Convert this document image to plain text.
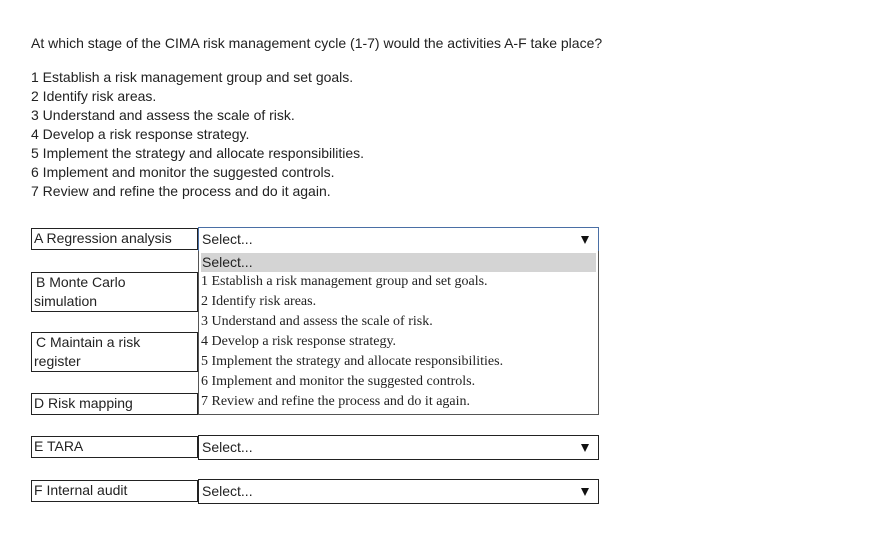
At which stage of the CIMA risk management cycle (1-7) would the activities A-F take place?
1 Establish a risk management group and set goals.
2 Identify risk areas.
3 Understand and assess the scale of risk.
4 Develop a risk response strategy.
5 Implement the strategy and allocate responsibilities.
6 Implement and monitor the suggested controls.
7 Review and refine the process and do it again.
A Regression analysis	Select...
B Monte Carlo
simulation
C Maintain a risk
register
D Risk mapping
Select...
1 Establish a risk management group and set goals.
2 Identify risk areas.
3 Understand and assess the scale of risk.
4 Develop a risk response strategy.
5 Implement the strategy and allocate responsibilities.
6 Implement and monitor the suggested controls.
7 Review and refine the process and do it again.
E TARA	Select...
F Internal audit	Select...
